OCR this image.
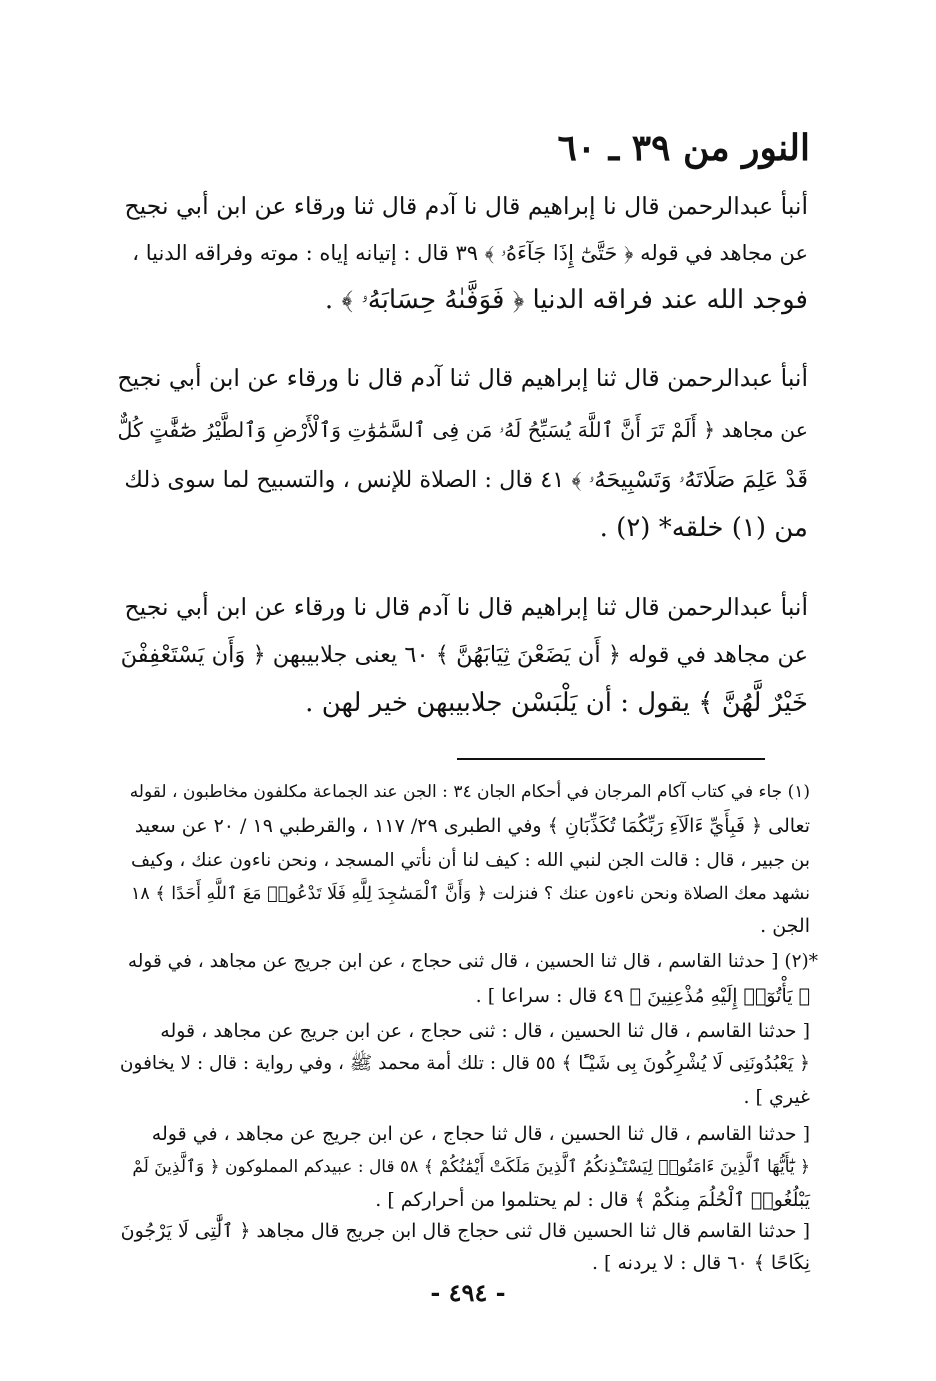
النور من ٣٩ ـ ٦٠
أنبأ عبدالرحمن قال نا إبراهيم قال نا آدم قال ثنا ورقاء عن ابن أبي نجيح
عن مجاهد في قوله ﴿ حَتَّىٰٓ إِذَا جَآءَهُۥ ﴾ ٣٩ قال : إتيانه إياه : موته وفراقه الدنيا ،
فوجد الله عند فراقه الدنيا ﴿ فَوَفَّىٰهُ حِسَابَهُۥ ﴾ .
أنبأ عبدالرحمن قال ثنا إبراهيم قال ثنا آدم قال نا ورقاء عن ابن أبي نجيح
عن مجاهد ﴿ أَلَمْ تَرَ أَنَّ ٱللَّهَ يُسَبِّحُ لَهُۥ مَن فِى ٱلسَّمَٰوَٰتِ وَٱلْأَرْضِ وَٱلطَّيْرُ صَٰٓفَّٰتٍ كُلٌّ
قَدْ عَلِمَ صَلَاتَهُۥ وَتَسْبِيحَهُۥ ﴾ ٤١ قال : الصلاة للإنس ، والتسبيح لما سوى ذلك
من (١) خلقه* (٢) .
أنبأ عبدالرحمن قال ثنا إبراهيم قال نا آدم قال نا ورقاء عن ابن أبي نجيح
عن مجاهد في قوله ﴿ أَن يَضَعْنَ ثِيَابَهُنَّ ﴾ ٦٠ يعنى جلابيبهن ﴿ وَأَن يَسْتَعْفِفْنَ
خَيْرٌ لَّهُنَّ ﴾ يقول : أن يَلْبَسْن جلابيبهن خير لهن .
(١) جاء في كتاب آكام المرجان في أحكام الجان ٣٤ : الجن عند الجماعة مكلفون مخاطبون ، لقوله
تعالى ﴿ فَبِأَيِّ ءَالَآءِ رَبِّكُمَا تُكَذِّبَانِ ﴾ وفي الطبرى ٢٩/ ١١٧ ، والقرطبي ١٩ / ٢٠ عن سعيد
بن جبير ، قال : قالت الجن لنبي الله : كيف لنا أن نأتي المسجد ، ونحن ناءون عنك ، وكيف
نشهد معك الصلاة ونحن ناءون عنك ؟ فنزلت ﴿ وَأَنَّ ٱلْمَسَٰجِدَ لِلَّهِ فَلَا تَدْعُوا۟ مَعَ ٱللَّهِ أَحَدًا ﴾ ١٨
الجن .
*(٢) [ حدثنا القاسم ، قال ثنا الحسين ، قال ثنى حجاج ، عن ابن جريج عن مجاهد ، في قوله
﴿ يَأْتُوٓا۟ إِلَيْهِ مُذْعِنِينَ ﴾ ٤٩ قال : سراعا ] .
[ حدثنا القاسم ، قال ثنا الحسين ، قال : ثنى حجاج ، عن ابن جريج عن مجاهد ، قوله
﴿ يَعْبُدُونَنِى لَا يُشْرِكُونَ بِى شَيْـًٔا ﴾ ٥٥ قال : تلك أمة محمد ﷺ ، وفي رواية : قال : لا يخافون
غيري ] .
[ حدثنا القاسم ، قال ثنا الحسين ، قال ثنا حجاج ، عن ابن جريج عن مجاهد ، في قوله
﴿ يَٰٓأَيُّهَا ٱلَّذِينَ ءَامَنُوا۟ لِيَسْتَـْٔذِنكُمُ ٱلَّذِينَ مَلَكَتْ أَيْمَٰنُكُمْ ﴾ ٥٨ قال : عبيدكم المملوكون ﴿ وَٱلَّذِينَ لَمْ
يَبْلُغُوا۟ ٱلْحُلُمَ مِنكُمْ ﴾ قال : لم يحتلموا من أحراركم ] .
[ حدثنا القاسم قال ثنا الحسين قال ثنى حجاج قال ابن جريج قال مجاهد ﴿ ٱلَّٰتِى لَا يَرْجُونَ
نِكَاحًا ﴾ ٦٠ قال : لا يردنه ] .
- ٤٩٤ -
